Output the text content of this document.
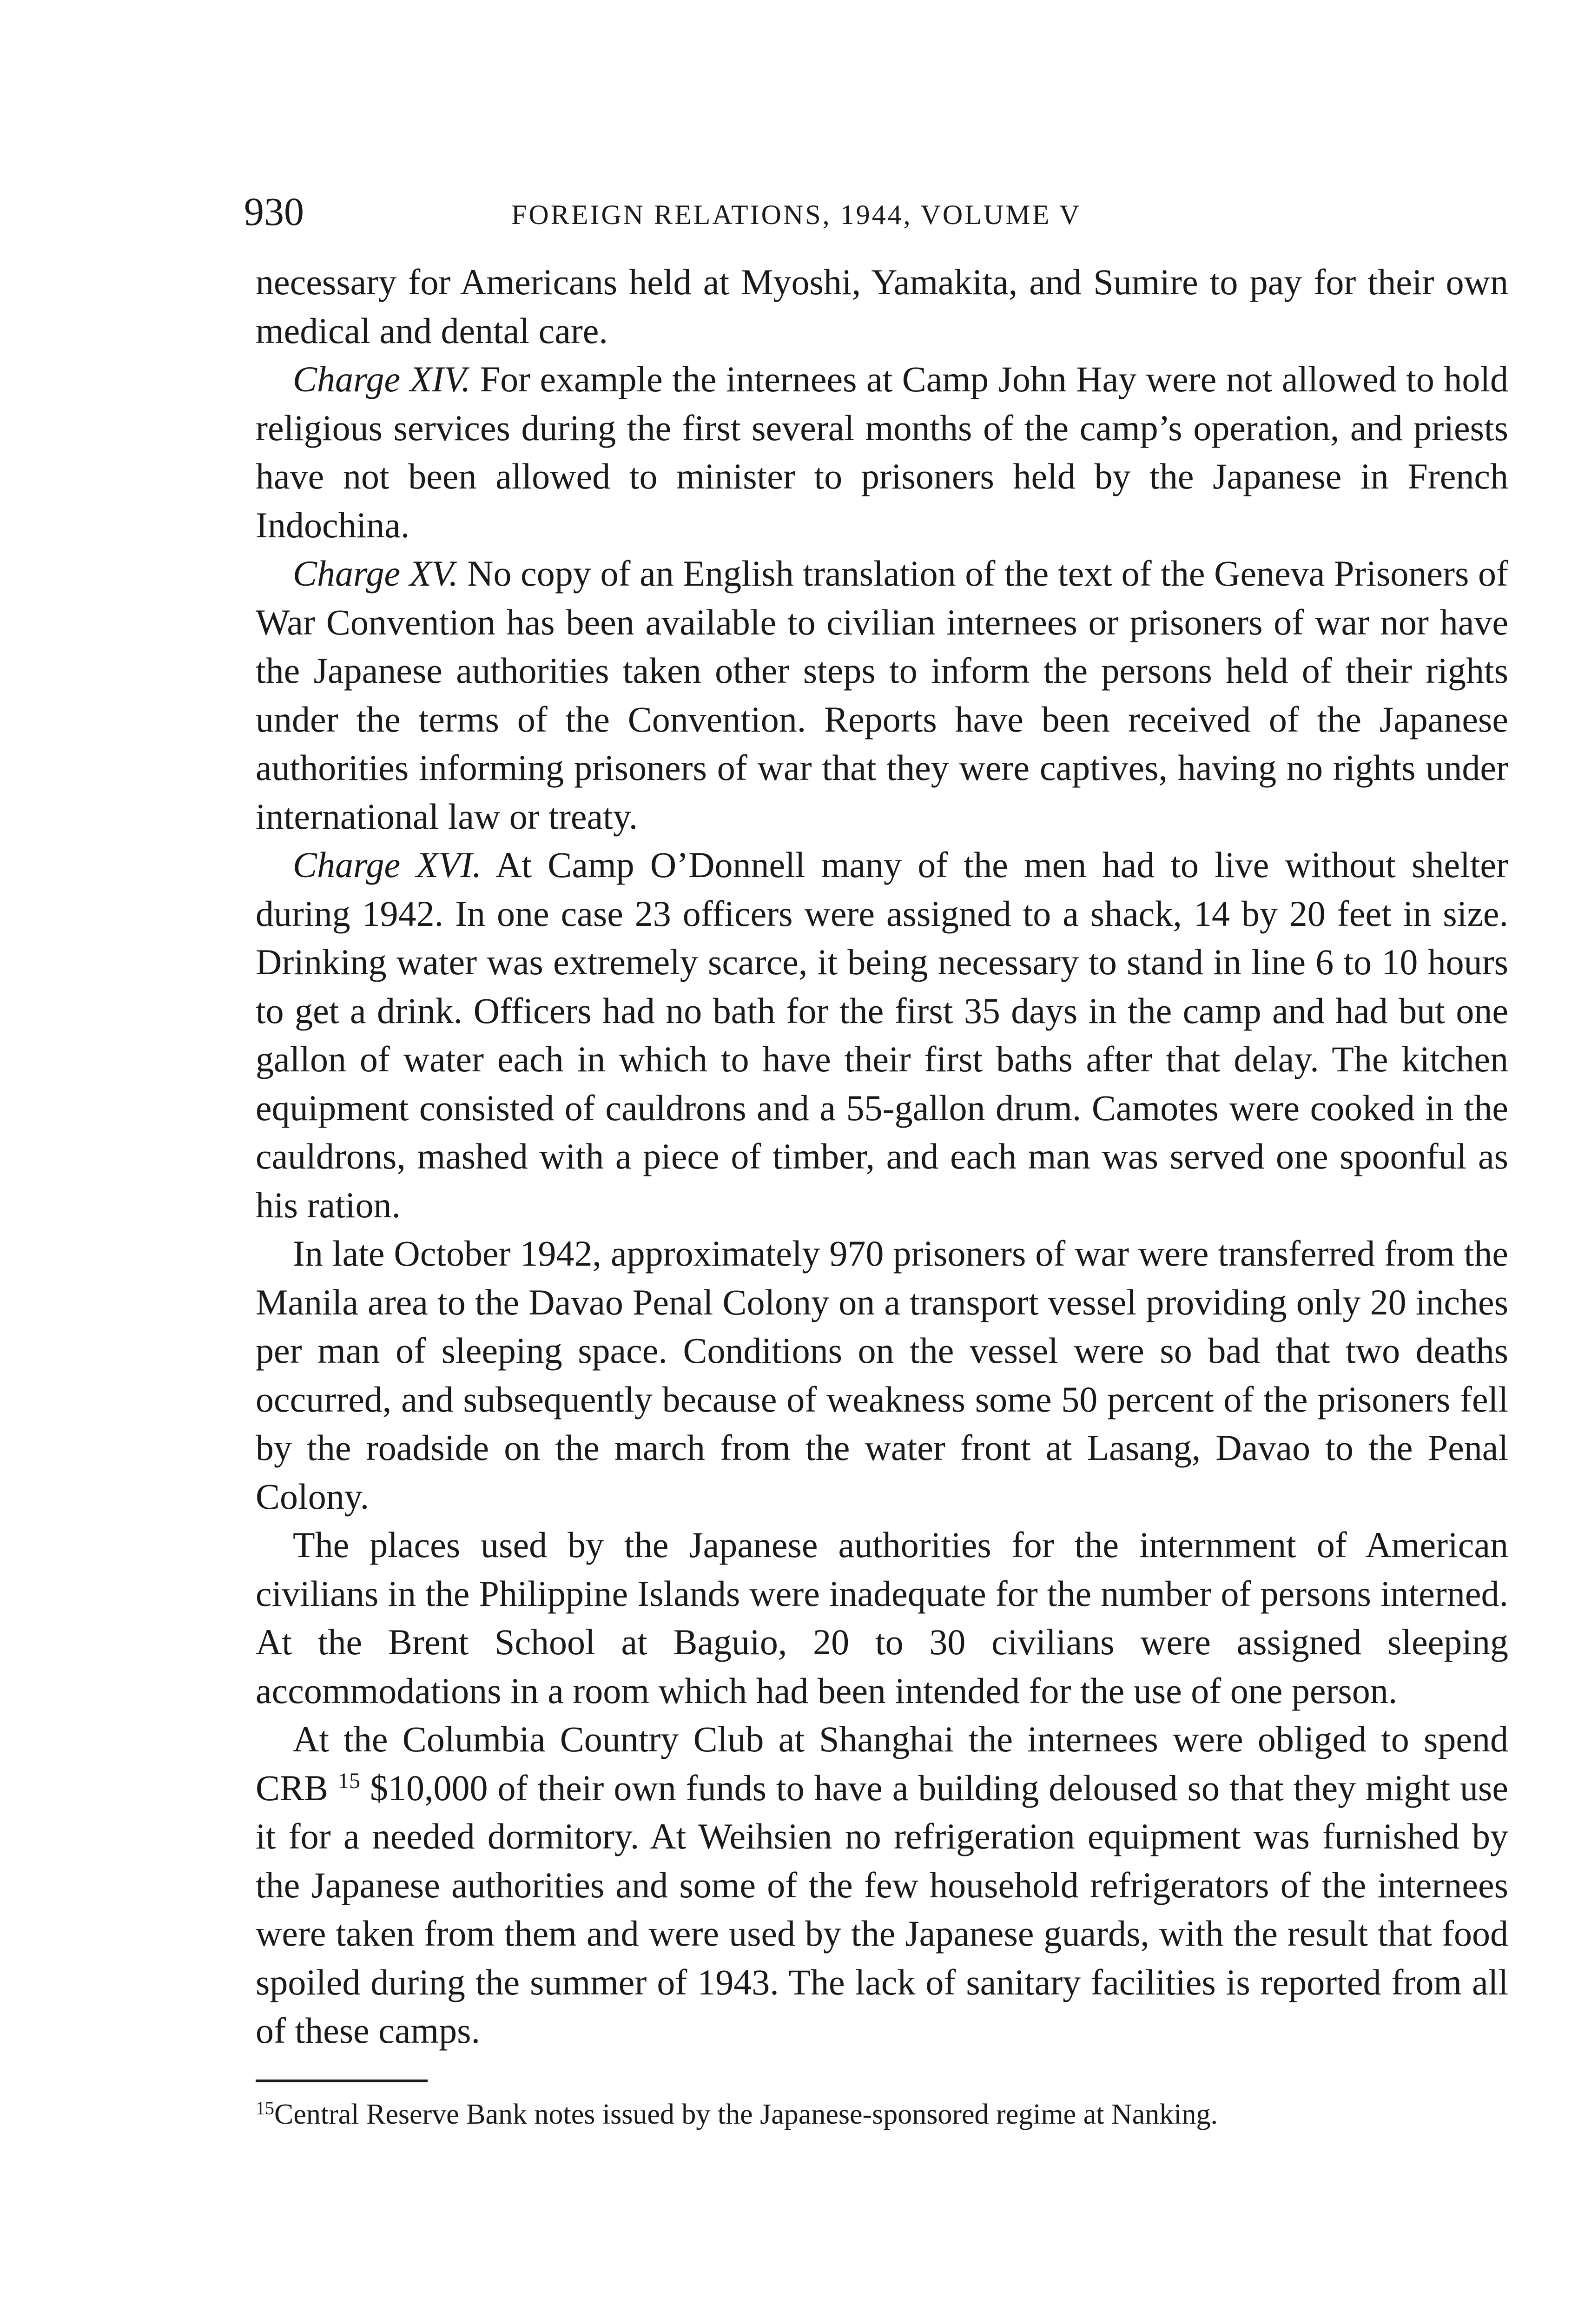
930	FOREIGN RELATIONS, 1944, VOLUME V

necessary for Americans held at Myoshi, Yamakita, and Sumire to pay for their own medical and dental care.

Charge XIV. For example the internees at Camp John Hay were not allowed to hold religious services during the first several months of the camp’s operation, and priests have not been allowed to minister to prisoners held by the Japanese in French Indochina.

Charge XV. No copy of an English translation of the text of the Geneva Prisoners of War Convention has been available to civilian internees or prisoners of war nor have the Japanese authorities taken other steps to inform the persons held of their rights under the terms of the Convention. Reports have been received of the Japanese authorities informing prisoners of war that they were captives, having no rights under international law or treaty.

Charge XVI. At Camp O’Donnell many of the men had to live without shelter during 1942. In one case 23 officers were assigned to a shack, 14 by 20 feet in size. Drinking water was extremely scarce, it being necessary to stand in line 6 to 10 hours to get a drink. Officers had no bath for the first 35 days in the camp and had but one gallon of water each in which to have their first baths after that delay. The kitchen equipment consisted of cauldrons and a 55-gallon drum. Camotes were cooked in the cauldrons, mashed with a piece of timber, and each man was served one spoonful as his ration.

In late October 1942, approximately 970 prisoners of war were transferred from the Manila area to the Davao Penal Colony on a transport vessel providing only 20 inches per man of sleeping space. Conditions on the vessel were so bad that two deaths occurred, and subsequently because of weakness some 50 percent of the prisoners fell by the roadside on the march from the water front at Lasang, Davao to the Penal Colony.

The places used by the Japanese authorities for the internment of American civilians in the Philippine Islands were inadequate for the number of persons interned. At the Brent School at Baguio, 20 to 30 civilians were assigned sleeping accommodations in a room which had been intended for the use of one person.

At the Columbia Country Club at Shanghai the internees were obliged to spend CRB $^{15}$ $10,000 of their own funds to have a building deloused so that they might use it for a needed dormitory. At Weihsien no refrigeration equipment was furnished by the Japanese authorities and some of the few household refrigerators of the internees were taken from them and were used by the Japanese guards, with the result that food spoiled during the summer of 1943. The lack of sanitary facilities is reported from all of these camps.

$^{15}$Central Reserve Bank notes issued by the Japanese-sponsored regime at Nanking.
